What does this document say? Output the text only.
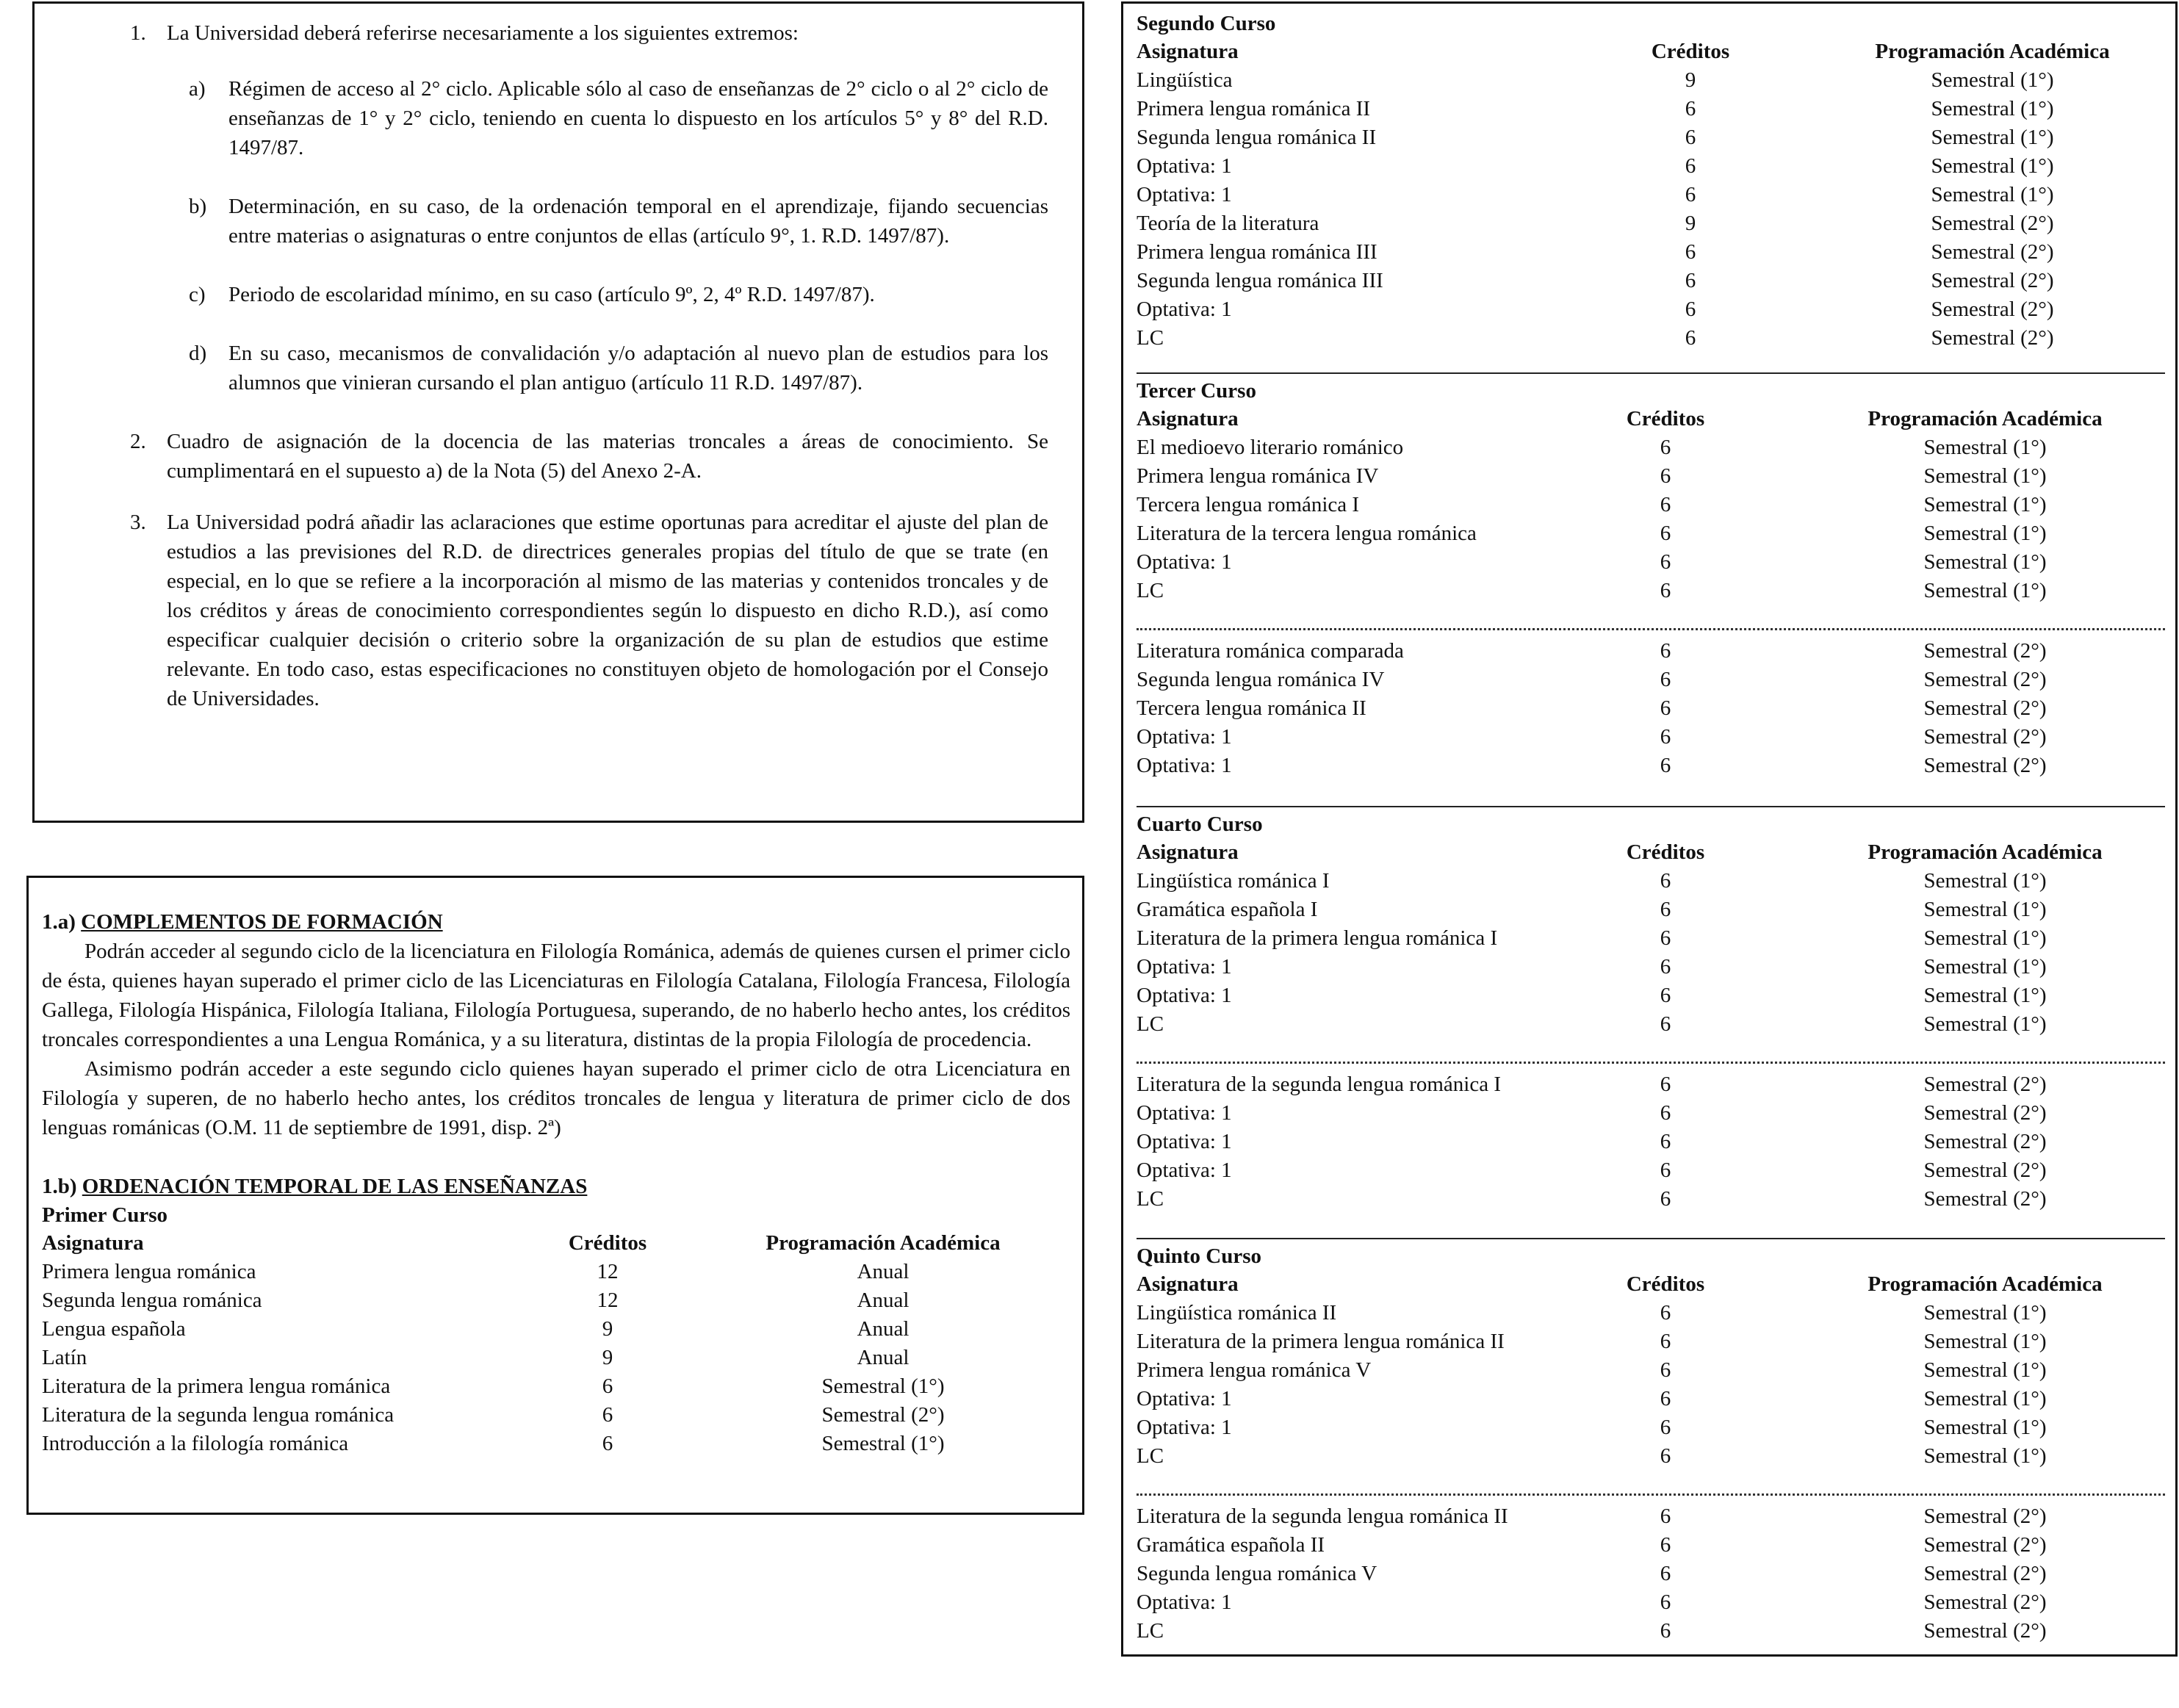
1. La Universidad deberá referirse necesariamente a los siguientes extremos:
a) Régimen de acceso al 2° ciclo. Aplicable sólo al caso de enseñanzas de 2° ciclo o al 2° ciclo de enseñanzas de 1° y 2° ciclo, teniendo en cuenta lo dispuesto en los artículos 5° y 8° del R.D. 1497/87.
b) Determinación, en su caso, de la ordenación temporal en el aprendizaje, fijando secuencias entre materias o asignaturas o entre conjuntos de ellas (artículo 9°, 1. R.D. 1497/87).
c) Periodo de escolaridad mínimo, en su caso (artículo 9º, 2, 4º R.D. 1497/87).
d) En su caso, mecanismos de convalidación y/o adaptación al nuevo plan de estudios para los alumnos que vinieran cursando el plan antiguo (artículo 11 R.D. 1497/87).
2. Cuadro de asignación de la docencia de las materias troncales a áreas de conocimiento. Se cumplimentará en el supuesto a) de la Nota (5) del Anexo 2-A.
3. La Universidad podrá añadir las aclaraciones que estime oportunas para acreditar el ajuste del plan de estudios a las previsiones del R.D. de directrices generales propias del título de que se trate (en especial, en lo que se refiere a la incorporación al mismo de las materias y contenidos troncales y de los créditos y áreas de conocimiento correspondientes según lo dispuesto en dicho R.D.), así como especificar cualquier decisión o criterio sobre la organización de su plan de estudios que estime relevante. En todo caso, estas especificaciones no constituyen objeto de homologación por el Consejo de Universidades.
1.a) COMPLEMENTOS DE FORMACIÓN

Podrán acceder al segundo ciclo de la licenciatura en Filología Románica, además de quienes cursen el primer ciclo de ésta, quienes hayan superado el primer ciclo de las Licenciaturas en Filología Catalana, Filología Francesa, Filología Gallega, Filología Hispánica, Filología Italiana, Filología Portuguesa, superando, de no haberlo hecho antes, los créditos troncales correspondientes a una Lengua Románica, y a su literatura, distintas de la propia Filología de procedencia.

Asimismo podrán acceder a este segundo ciclo quienes hayan superado el primer ciclo de otra Licenciatura en Filología y superen, de no haberlo hecho antes, los créditos troncales de lengua y literatura de primer ciclo de dos lenguas románicas (O.M. 11 de septiembre de 1991, disp. 2ª)

1.b) ORDENACIÓN TEMPORAL DE LAS ENSEÑANZAS
Primer Curso
Asignatura	Créditos	Programación Académica
Primera lengua románica	12	Anual
Segunda lengua románica	12	Anual
Lengua española	9	Anual
Latín	9	Anual
Literatura de la primera lengua románica	6	Semestral (1°)
Literatura de la segunda lengua románica	6	Semestral (2°)
Introducción a la filología románica	6	Semestral (1°)
Segundo Curso
Asignatura	Créditos	Programación Académica
Lingüística	9	Semestral (1°)
Primera lengua románica II	6	Semestral (1°)
Segunda lengua románica II	6	Semestral (1°)
Optativa: 1	6	Semestral (1°)
Optativa: 1	6	Semestral (1°)
Teoría de la literatura	9	Semestral (2°)
Primera lengua románica III	6	Semestral (2°)
Segunda lengua románica III	6	Semestral (2°)
Optativa: 1	6	Semestral (2°)
LC	6	Semestral (2°)
Tercer Curso
Asignatura	Créditos	Programación Académica
El medioevo literario románico	6	Semestral (1°)
Primera lengua románica IV	6	Semestral (1°)
Tercera lengua románica I	6	Semestral (1°)
Literatura de la tercera lengua románica	6	Semestral (1°)
Optativa: 1	6	Semestral (1°)
LC	6	Semestral (1°)
Literatura románica comparada	6	Semestral (2°)
Segunda lengua románica IV	6	Semestral (2°)
Tercera lengua románica II	6	Semestral (2°)
Optativa: 1	6	Semestral (2°)
Optativa: 1	6	Semestral (2°)
Cuarto Curso
Asignatura	Créditos	Programación Académica
Lingüística románica I	6	Semestral (1°)
Gramática española I	6	Semestral (1°)
Literatura de la primera lengua románica I	6	Semestral (1°)
Optativa: 1	6	Semestral (1°)
Optativa: 1	6	Semestral (1°)
LC	6	Semestral (1°)
Literatura de la segunda lengua románica I	6	Semestral (2°)
Optativa: 1	6	Semestral (2°)
Optativa: 1	6	Semestral (2°)
Optativa: 1	6	Semestral (2°)
LC	6	Semestral (2°)
Quinto Curso
Asignatura	Créditos	Programación Académica
Lingüística románica II	6	Semestral (1°)
Literatura de la primera lengua románica II	6	Semestral (1°)
Primera lengua románica V	6	Semestral (1°)
Optativa: 1	6	Semestral (1°)
Optativa: 1	6	Semestral (1°)
LC	6	Semestral (1°)
Literatura de la segunda lengua románica II	6	Semestral (2°)
Gramática española II	6	Semestral (2°)
Segunda lengua románica V	6	Semestral (2°)
Optativa: 1	6	Semestral (2°)
LC	6	Semestral (2°)
